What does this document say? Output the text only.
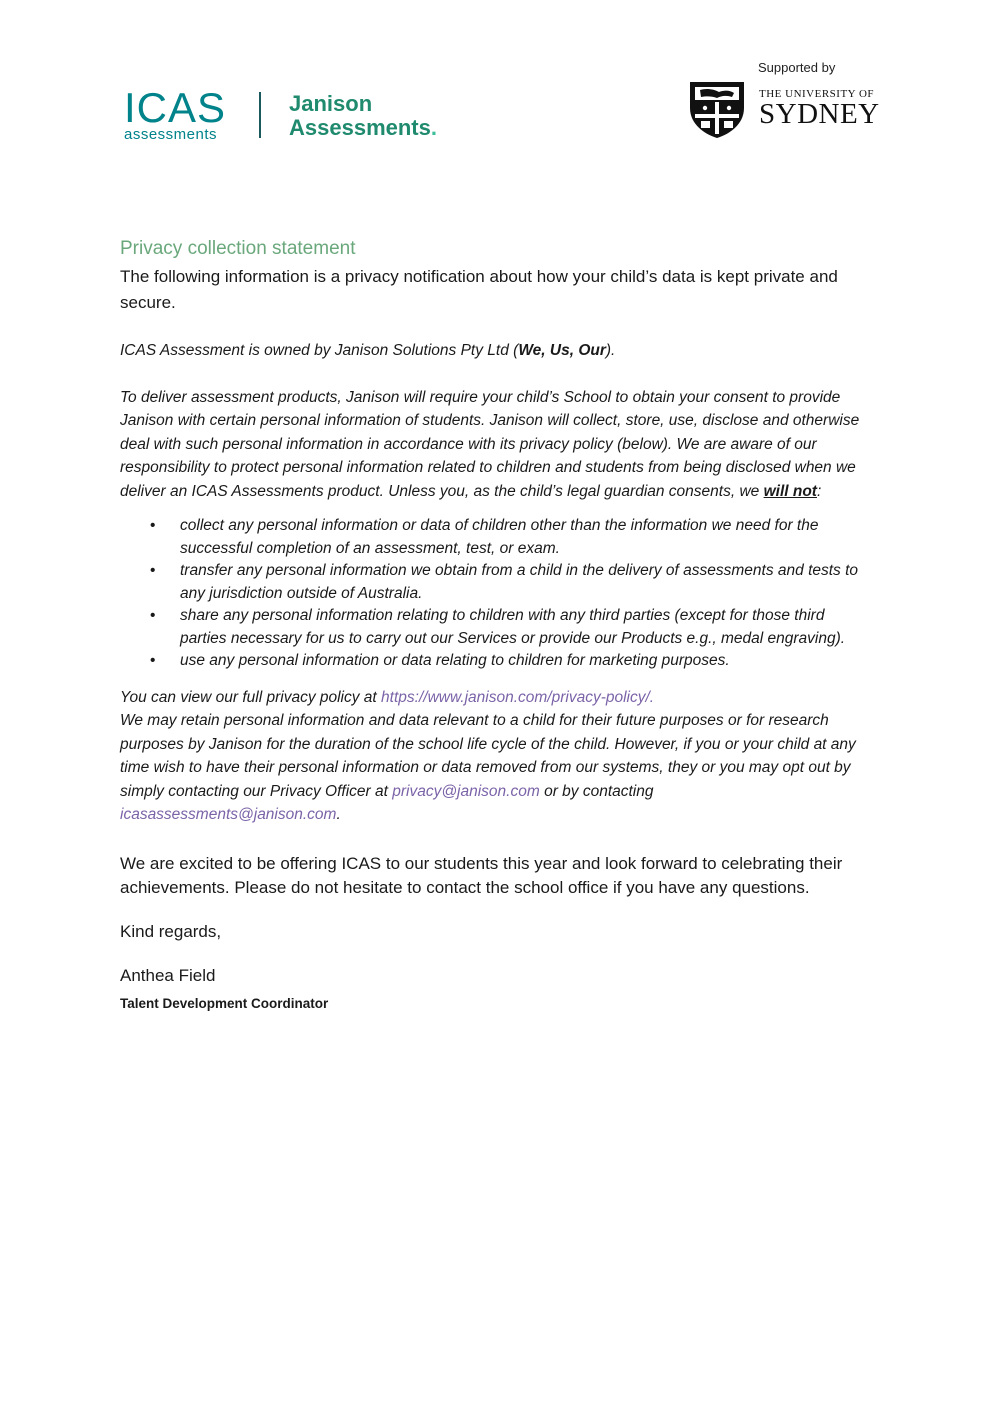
ICAS
assessments
Janison
Assessments.
Supported by
THE UNIVERSITY OF
SYDNEY
Privacy collection statement

The following information is a privacy notification about how your child’s data is kept private and secure.

ICAS Assessment is owned by Janison Solutions Pty Ltd (We, Us, Our).

To deliver assessment products, Janison will require your child’s School to obtain your consent to provide Janison with certain personal information of students. Janison will collect, store, use, disclose and otherwise deal with such personal information in accordance with its privacy policy (below). We are aware of our responsibility to protect personal information related to children and students from being disclosed when we deliver an ICAS Assessments product. Unless you, as the child’s legal guardian consents, we will not:

• collect any personal information or data of children other than the information we need for the successful completion of an assessment, test, or exam.
• transfer any personal information we obtain from a child in the delivery of assessments and tests to any jurisdiction outside of Australia.
• share any personal information relating to children with any third parties (except for those third parties necessary for us to carry out our Services or provide our Products e.g., medal engraving).
• use any personal information or data relating to children for marketing purposes.

You can view our full privacy policy at https://www.janison.com/privacy-policy/.
We may retain personal information and data relevant to a child for their future purposes or for research purposes by Janison for the duration of the school life cycle of the child. However, if you or your child at any time wish to have their personal information or data removed from our systems, they or you may opt out by simply contacting our Privacy Officer at privacy@janison.com or by contacting icasassessments@janison.com.

We are excited to be offering ICAS to our students this year and look forward to celebrating their achievements. Please do not hesitate to contact the school office if you have any questions.

Kind regards,

Anthea Field

Talent Development Coordinator
